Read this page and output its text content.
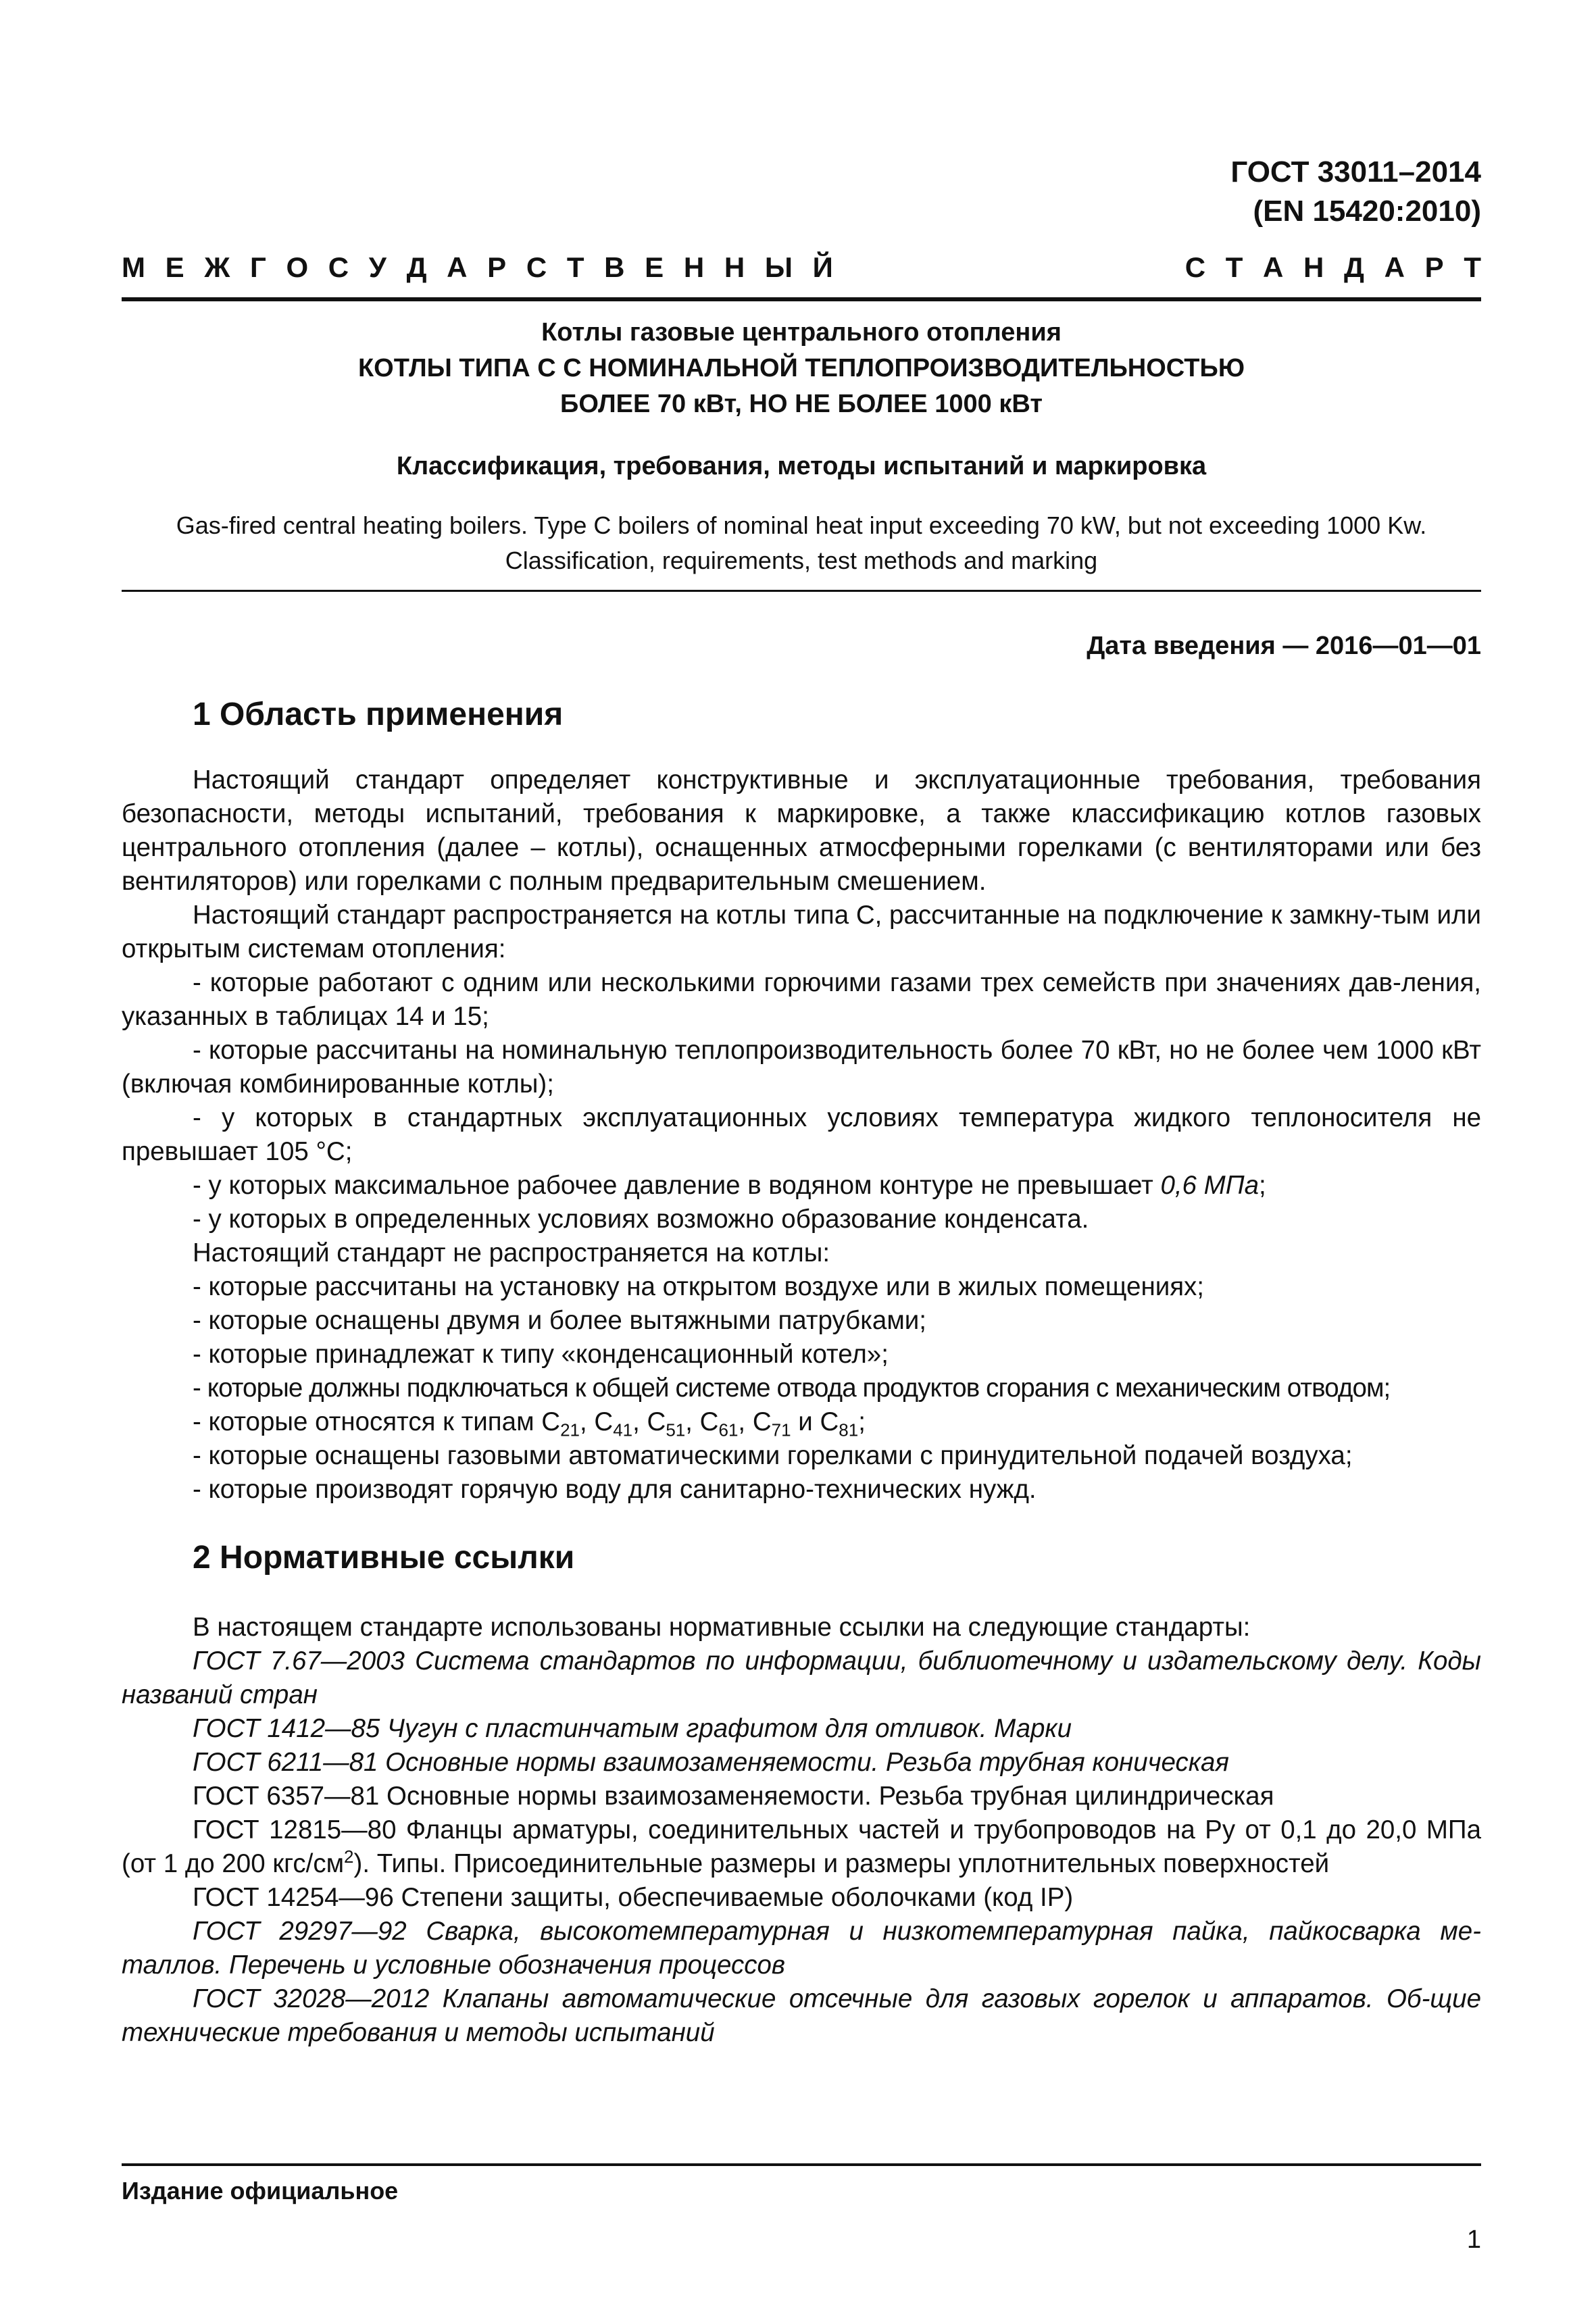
ГОСТ 33011–2014
(EN 15420:2010)
М Е Ж Г О С У Д А Р С Т В Е Н Н Ы Й	С Т А Н Д А Р Т
Котлы газовые центрального отопления
КОТЛЫ ТИПА С С НОМИНАЛЬНОЙ ТЕПЛОПРОИЗВОДИТЕЛЬНОСТЬЮ
БОЛЕЕ 70 кВт, НО НЕ БОЛЕЕ 1000 кВт
Классификация, требования, методы испытаний и маркировка
Gas-fired central heating boilers. Type C boilers of nominal heat input exceeding 70 kW, but not exceeding 1000 Kw.
Classification, requirements, test methods and marking
Дата введения — 2016—01—01
1 Область применения
Настоящий стандарт определяет конструктивные и эксплуатационные требования, требования безопасности, методы испытаний, требования к маркировке, а также классификацию котлов газовых центрального отопления (далее – котлы), оснащенных атмосферными горелками (с вентиляторами или без вентиляторов) или горелками с полным предварительным смешением.
Настоящий стандарт распространяется на котлы типа С, рассчитанные на подключение к замкну-тым или открытым системам отопления:
- которые работают с одним или несколькими горючими газами трех семейств при значениях дав-ления, указанных в таблицах 14 и 15;
- которые рассчитаны на номинальную теплопроизводительность более 70 кВт, но не более чем 1000 кВт (включая комбинированные котлы);
- у которых в стандартных эксплуатационных условиях температура жидкого теплоносителя не превышает 105 °С;
- у которых максимальное рабочее давление в водяном контуре не превышает 0,6 МПа;
- у которых в определенных условиях возможно образование конденсата.
Настоящий стандарт не распространяется на котлы:
- которые рассчитаны на установку на открытом воздухе или в жилых помещениях;
- которые оснащены двумя и более вытяжными патрубками;
- которые принадлежат к типу «конденсационный котел»;
- которые должны подключаться к общей системе отвода продуктов сгорания с механическим отводом;
- которые относятся к типам $С_{21}$, $С_{41}$, $С_{51}$, $С_{61}$, $С_{71}$ и $С_{81}$;
- которые оснащены газовыми автоматическими горелками с принудительной подачей воздуха;
- которые производят горячую воду для санитарно-технических нужд.
2 Нормативные ссылки
В настоящем стандарте использованы нормативные ссылки на следующие стандарты:
ГОСТ 7.67—2003 Система стандартов по информации, библиотечному и издательскому делу. Коды названий стран
ГОСТ 1412—85 Чугун с пластинчатым графитом для отливок. Марки
ГОСТ 6211—81 Основные нормы взаимозаменяемости. Резьба трубная коническая
ГОСТ 6357—81 Основные нормы взаимозаменяемости. Резьба трубная цилиндрическая
ГОСТ 12815—80 Фланцы арматуры, соединительных частей и трубопроводов на Ру от 0,1 до 20,0 МПа (от 1 до 200 кгс/$см^2$). Типы. Присоединительные размеры и размеры уплотнительных поверхностей
ГОСТ 14254—96 Степени защиты, обеспечиваемые оболочками (код IP)
ГОСТ 29297—92 Сварка, высокотемпературная и низкотемпературная пайка, пайкосварка ме-таллов. Перечень и условные обозначения процессов
ГОСТ 32028—2012 Клапаны автоматические отсечные для газовых горелок и аппаратов. Об-щие технические требования и методы испытаний
Издание официальное
1
